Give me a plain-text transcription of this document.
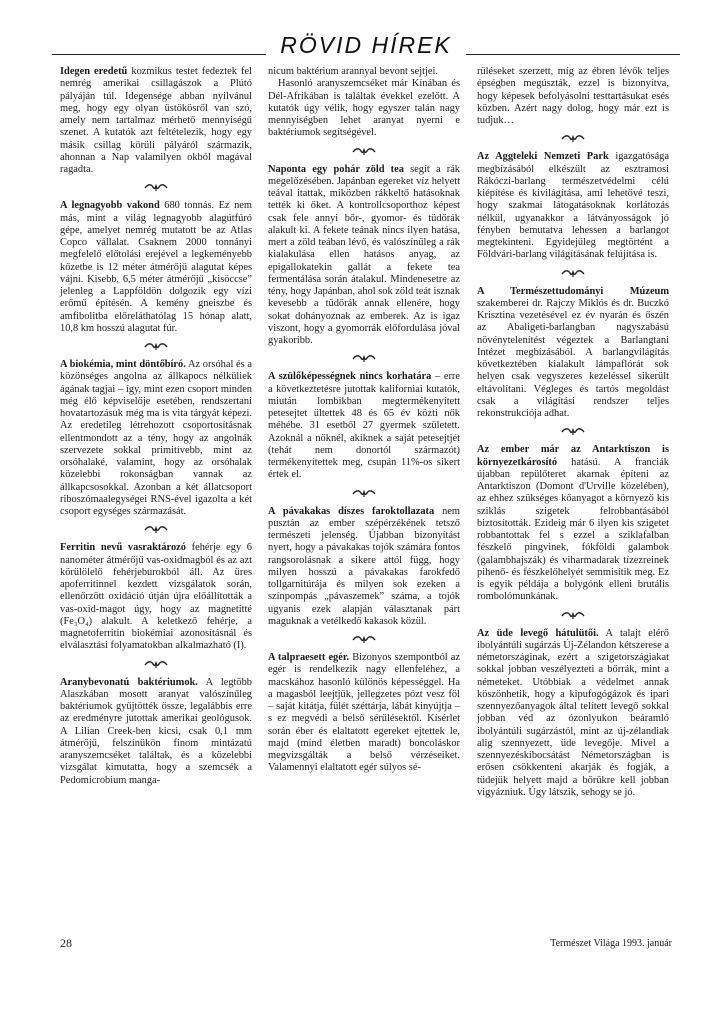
RÖVID HÍREK

Idegen eredetű kozmikus testet fedeztek fel nemrég amerikai csillagászok a Plútó pályáján túl. Idegensége abban nyilvánul meg, hogy egy olyan üstökösről van szó, amely nem tartalmaz mérhető mennyiségű szenet. A kutatók azt feltételezik, hogy egy másik csillag körüli pályáról származik, ahonnan a Nap valamilyen okból magával ragadta.

A legnagyobb vakond 680 tonnás. Ez nem más, mint a világ legnagyobb alagútfúró gépe, amelyet nemrég mutatott be az Atlas Copco vállalat. Csaknem 2000 tonnányi megfelelő előtolási erejével a legkeményebb kőzetbe is 12 méter átmérőjű alagutat képes vájni. Kisebb, 6,5 méter átmérőjű „kisöccse” jelenleg a Lappföldön dolgozik egy vízi erőmű építésén. A kemény gneiszbe és amfibolitba előreláthatólag 15 hónap alatt, 10,8 km hosszú alagutat fúr.

A biokémia, mint döntőbíró. Az orsóhal és a közönséges angolna az állkapocs nélküliek ágának tagjai – így, mint ezen csoport minden még élő képviselője esetében, rendszertani hovatartozásuk még ma is vita tárgyát képezi. Az eredetileg létrehozott csoportosításnak ellentmondott az a tény, hogy az angolnák szervezete sokkal primitívebb, mint az orsóhalaké, valamint, hogy az orsóhalak közelebbi rokonságban vannak az állkapcsosokkal. Azonban a két állatcsoport riboszómaalegységei RNS-ével igazolta a két csoport egységes származását.

Ferritin nevű vasraktározó fehérje egy 6 nanométer átmérőjű vas-oxidmagból és az azt körülölelő fehérjeburokból áll. Az üres apoferritinnel kezdett vizsgálatok során, ellenőrzött oxidáció útján újra előállították a vas-oxid-magot úgy, hogy az magnetitté (Fe₃O₄) alakult. A keletkező fehérje, a magnetoferritin biokémiai azonosításnál és elválasztási folyamatokban alkalmazható (I).

Aranybevonatú baktériumok. A legtöbb Alaszkában mosott aranyat valószínűleg baktériumok gyűjtötték össze, legalábbis erre az eredményre jutottak amerikai geológusok. A Lilian Creek-ben kicsi, csak 0,1 mm átmérőjű, felszínükön finom mintázatú aranyszemcséket találtak, és a közelebbi vizsgálat kimutatta, hogy a szemcsék a Pedomicrobium manga-

nicum baktérium arannyal bevont sejtjei.

Hasonló aranyszemcséket már Kínában és Dél-Afrikában is találtak évekkel ezelőtt. A kutatók úgy vélik, hogy egyszer talán nagy mennyiségben lehet aranyat nyerni e baktériumok segítségével.

Naponta egy pohár zöld tea segít a rák megelőzésében. Japánban egereket víz helyett teával itattak, miközben rákkeltő hatásoknak tették ki őket. A kontrollcsoporthoz képest csak fele annyi bőr-, gyomor- és tüdőrák alakult ki. A fekete teának nincs ilyen hatása, mert a zöld teában lévő, és valószínűleg a rák kialakulása ellen hatásos anyag, az epigallokatekin gallát a fekete tea fermentálása során átalakul. Mindenesetre az tény, hogy Japánban, ahol sok zöld teát isznak kevesebb a tüdőrák annak ellenére, hogy sokat dohányoznak az emberek. Az is igaz viszont, hogy a gyomorrák előfordulása jóval gyakoribb.

A szülőképességnek nincs korhatára – erre a következtetésre jutottak kaliforniai kutatók, miután lombikban megtermékenyített petesejtet ültettek 48 és 65 év közti nők méhébe. 31 esetből 27 gyermek született. Azoknál a nőknél, akiknek a saját petesejtjét (tehát nem donortól származót) termékenyítettek meg, csupán 11%-os sikert értek el.

A pávakakas díszes faroktollazata nem pusztán az ember szépérzékének tetsző természeti jelenség. Újabban bizonyítást nyert, hogy a pávakakas tojók számára fontos rangsorolásnak a sikere attól függ, hogy milyen hosszú a pávakakas farokfedő tollgarnitúrája és milyen sok ezeken a színpompás „pávaszemek” száma, a tojók ugyanis ezek alapján választanak párt maguknak a vetélkedő kakasok közül.

A talpraesett egér. Bizonyos szempontból az egér is rendelkezik nagy ellenfeléhez, a macskához hasonló különös képességgel. Ha a magasból leejtjük, jellegzetes pózt vesz föl – saját kitátja, fülét széttárja, lábát kinyújtja – s ez megvédi a belső sérülésektől. Kísérlet során éber és elaltatott egereket ejtettek le, majd (mind életben maradt) boncoláskor megvizsgálták a belső vérzéseiket. Valamennyi elaltatott egér súlyos sé-

rüléseket szerzett, míg az ébren lévők teljes épségben megúszták, ezzel is bizonyítva, hogy képesek befolyásolni testtartásukat esés közben. Azért nagy dolog, hogy már ezt is tudjuk…

Az Aggteleki Nemzeti Park igazgatósága megbízásából elkészült az esztramosi Rákóczi-barlang természetvédelmi célú kiépítése és kivilágítása, ami lehetővé teszi, hogy szakmai látogatásoknak korlátozás nélkül, ugyanakkor a látványosságok jó fényben bemutatva lehessen a barlangot megtekinteni. Egyidejűleg megtörtént a Földvári-barlang világításának felújítása is.

A Természettudományi Múzeum szakemberei dr. Rajczy Miklós és dr. Buczkó Krisztina vezetésével ez év nyarán és őszén az Abaligeti-barlangban nagyszabású növénytelenítést végeztek a Barlangtani Intézet megbízásából. A barlangvilágítás következtében kialakult lámpaflórát sok helyen csak vegyszeres kezeléssel sikerült eltávolítani. Végleges és tartós megoldást csak a világítási rendszer teljes rekonstrukciója adhat.

Az ember már az Antarktiszon is környezetkárosító hatású. A franciák újabban repülőteret akarnak építeni az Antarktiszon (Domont d'Urville közelében), az ehhez szükséges kőanyagot a környező kis sziklás szigetek felrobbantásából biztosították. Ezideig már 6 ilyen kis szigetet robbantottak fel s ezzel a sziklafalban fészkelő pingvinek, fókföldi galambok (galambhajszák) és viharmadarak tízezreinek pihenő- és fészkelőhelyét semmisítik meg. Ez is egyik példája a bolygónk elleni brutális rombolómunkának.

Az üde levegő hátulütői. A talajt elérő ibolyántúli sugárzás Új-Zélandon kétszerese a németországinak, ezért a szigetországiakat sokkal jobban veszélyezteti a bőrrák, mint a németeket. Utóbbiak a védelmet annak köszönhetik, hogy a kipufogógázok és ipari szennyezőanyagok által telített levegő sokkal jobban véd az ózonlyukon beáramló ibolyántúli sugárzástól, mint az új-zélandiak alig szennyezett, üde levegője. Mivel a szennyezéskibocsátást Németországban is erősen csökkenteni akarják és fogják, a tüdejük helyett majd a bőrükre kell jobban vigyázniuk. Úgy látszik, sehogy se jó.

28	Természet Világa 1993. január
